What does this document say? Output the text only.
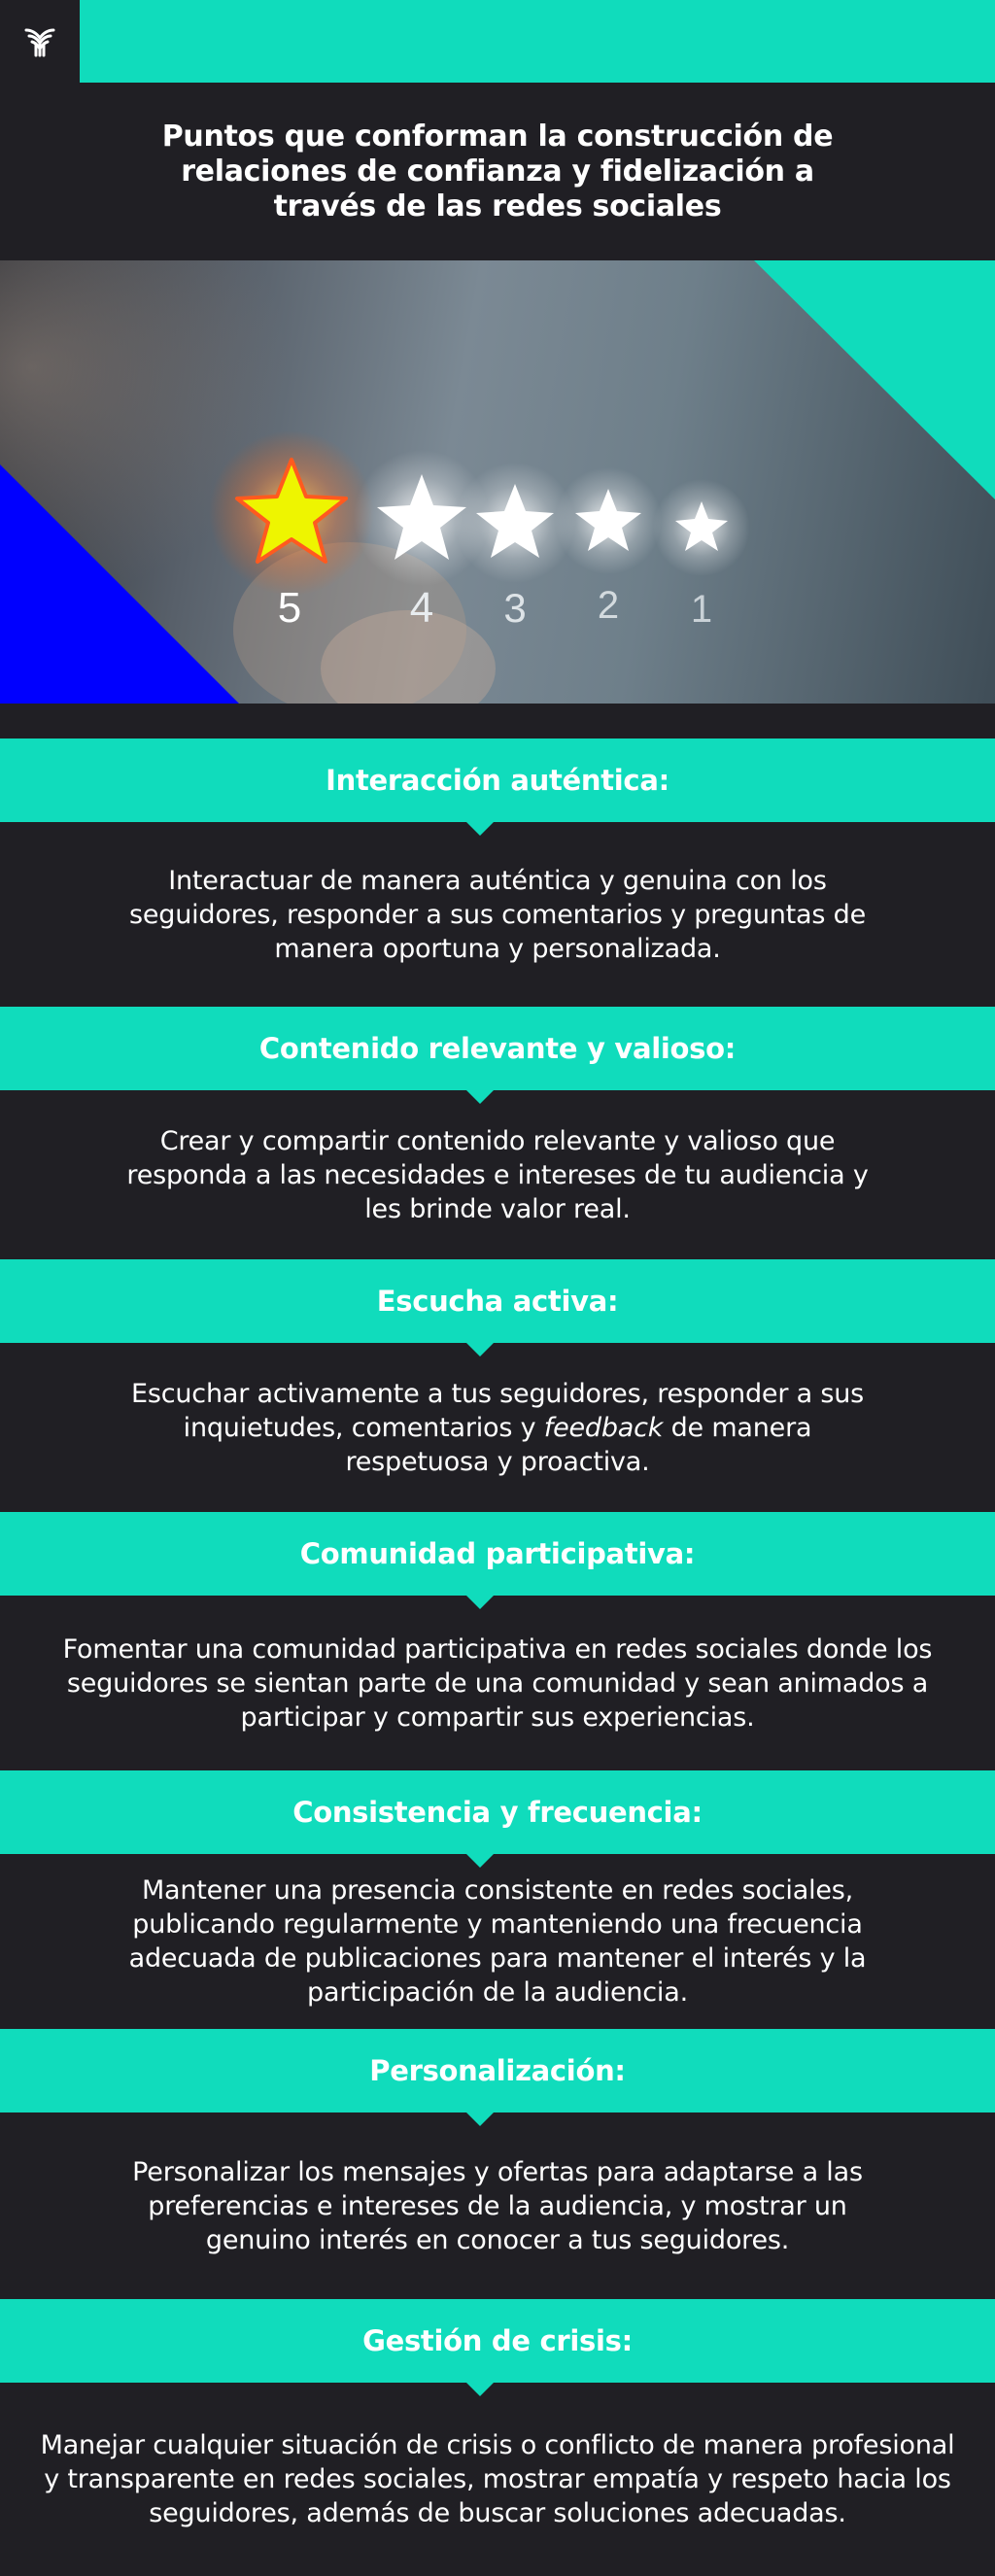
Puntos que conforman la construcción de relaciones de confianza y fidelización a través de las redes sociales
5	4 3 2 1
Interacción auténtica:

Interactuar de manera auténtica y genuina con los seguidores, responder a sus comentarios y preguntas de manera oportuna y personalizada.

Contenido relevante y valioso:

Crear y compartir contenido relevante y valioso que responda a las necesidades e intereses de tu audiencia y les brinde valor real.

Escucha activa:

Escuchar activamente a tus seguidores, responder a sus inquietudes, comentarios y feedback de manera respetuosa y proactiva.

Comunidad participativa:

Fomentar una comunidad participativa en redes sociales donde los seguidores se sientan parte de una comunidad y sean animados a participar y compartir sus experiencias.

Consistencia y frecuencia:

Mantener una presencia consistente en redes sociales, publicando regularmente y manteniendo una frecuencia adecuada de publicaciones para mantener el interés y la participación de la audiencia.

Personalización:

Personalizar los mensajes y ofertas para adaptarse a las preferencias e intereses de la audiencia, y mostrar un genuino interés en conocer a tus seguidores.

Gestión de crisis:

Manejar cualquier situación de crisis o conflicto de manera profesional y transparente en redes sociales, mostrar empatía y respeto hacia los seguidores, además de buscar soluciones adecuadas.
